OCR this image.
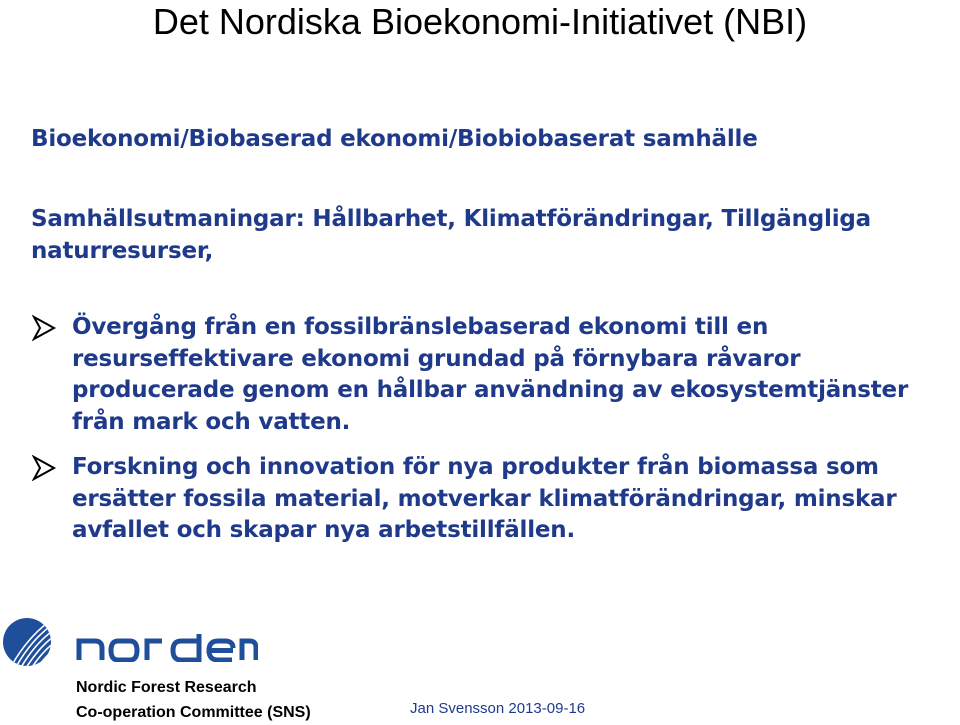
Det Nordiska Bioekonomi-Initiativet (NBI)
Bioekonomi/Biobaserad ekonomi/Biobiobaserat samhälle
Samhällsutmaningar: Hållbarhet, Klimatförändringar, Tillgängliga
naturresurser,
Övergång från en fossilbränslebaserad ekonomi till en
resurseffektivare ekonomi grundad på förnybara råvaror
producerade genom en hållbar användning av ekosystemtjänster
från mark och vatten.
Forskning och innovation för nya produkter från biomassa som
ersätter fossila material, motverkar klimatförändringar, minskar
avfallet och skapar nya arbetstillfällen.
Nordic Forest Research
Co-operation Committee (SNS)	Jan Svensson 2013-09-16
